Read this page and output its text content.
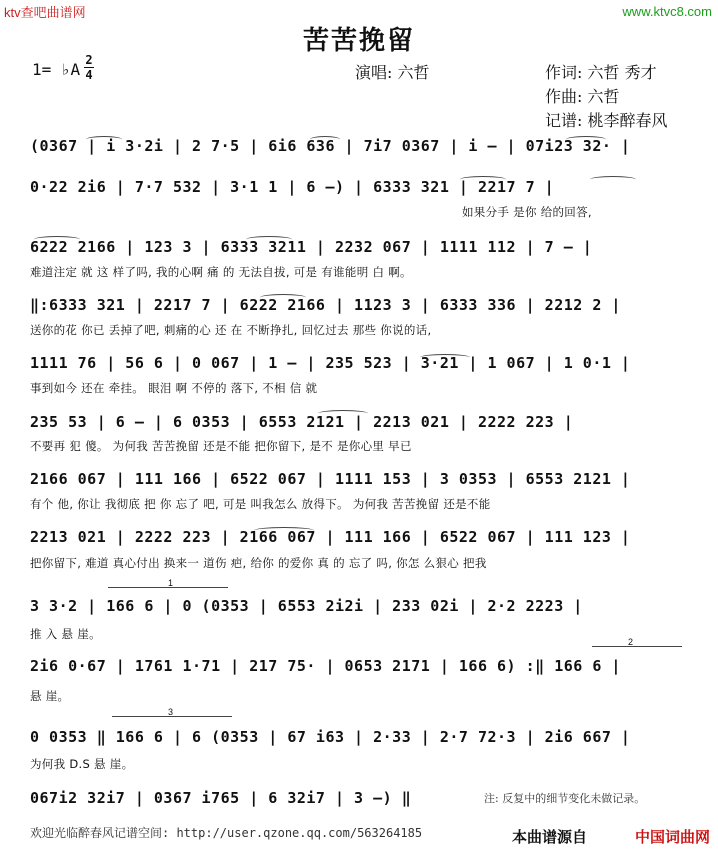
ktv查吧曲谱网	www.ktvc8.com
苦苦挽留
1= ♭A 2
4	演唱: 六哲	作词: 六哲 秀才
作曲: 六哲
记谱: 桃李醉春风
(0367 | i 3·2i | 2 7·5 | 6i6 636 | 7i7 0367 | i – | 07i23 32· |
0·22 2i6 | 7·7 532 | 3·1 1 | 6 –) | 6333 321 | 2217 7 |
如果分手 是你 给的回答,
6222 2166 | 123 3 | 6333 3211 | 2232 067 | 1111 112 | 7 – |
难道注定 就 这 样了吗, 我的心啊 痛 的 无法自拔, 可是 有谁能明 白 啊。
‖:6333 321 | 2217 7 | 6222 2166 | 1123 3 | 6333 336 | 2212 2 |
送你的花 你已 丢掉了吧, 刺痛的心 还 在 不断挣扎, 回忆过去 那些 你说的话,
1111 76 | 56 6 | 0 067 | 1 – | 235 523 | 3·21 | 1 067 | 1 0·1 |
事到如今 还在 牵挂。 眼泪 啊 不停的 落下, 不相 信 就
235 53 | 6 – | 6 0353 | 6553 2121 | 2213 021 | 2222 223 |
不要再 犯 傻。 为何我 苦苦挽留 还是不能 把你留下, 是不 是你心里 早已
2166 067 | 111 166 | 6522 067 | 1111 153 | 3 0353 | 6553 2121 |
有个 他, 你让 我彻底 把 你 忘了 吧, 可是 叫我怎么 放得下。 为何我 苦苦挽留 还是不能
2213 021 | 2222 223 | 2166 067 | 111 166 | 6522 067 | 111 123 |
把你留下, 难道 真心付出 换来一 道伤 疤, 给你 的爱你 真 的 忘了 吗, 你怎 么狠心 把我
3 3·2 | 166 6 | 0 (0353 | 6553 2i2i | 233 02i | 2·2 2223 |
推 入 悬 崖。
2i6 0·67 | 1761 1·71 | 217 75· | 0653 2171 | 166 6) :‖ 166 6 |
悬 崖。
0 0353 ‖ 166 6 | 6 (0353 | 67 i63 | 2·33 | 2·7 72·3 | 2i6 667 |
为何我 D.S 悬 崖。
067i2 32i7 | 0367 i765 | 6 32i7 | 3 –) ‖	注: 反复中的细节变化未做记录。
1
2
3
欢迎光临醉春风记谱空间: http://user.qzone.qq.com/563264185	本曲谱源自	中国词曲网
